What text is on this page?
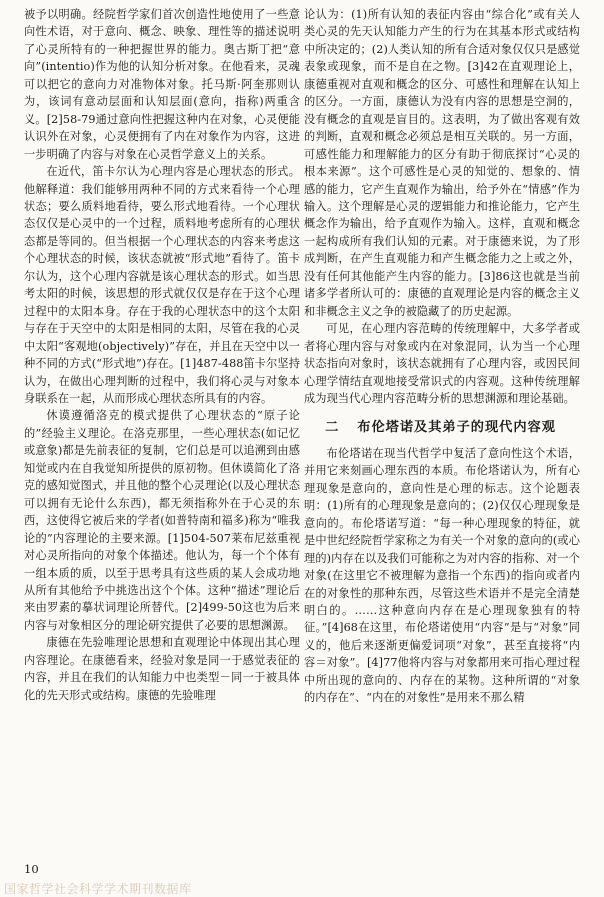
被予以明确。经院哲学家们首次创造性地使用了一些意向性术语，对于意向、概念、映象、理性等的描述说明了心灵所特有的一种把握世界的能力。奥古斯丁把“意向”(intentio)作为他的认知分析对象。在他看来，灵魂可以把它的意向力对准物体对象。托马斯·阿奎那则认为，该词有意动层面和认知层面(意向，指称)两重含义。[2]58-79通过意向性把握这种内在对象，心灵便能认识外在对象，心灵便拥有了内在对象作为内容，这进一步明确了内容与对象在心灵哲学意义上的关系。

在近代，笛卡尔认为心理内容是心理状态的形式。他解释道：我们能够用两种不同的方式来看待一个心理状态；要么质料地看待，要么形式地看待。一个心理状态仅仅是心灵中的一个过程，质料地考虑所有的心理状态都是等同的。但当根据一个心理状态的内容来考虑这个心理状态的时候，该状态就被“形式地”看待了。笛卡尔认为，这个心理内容就是该心理状态的形式。如当思考太阳的时候，该思想的形式就仅仅是存在于这个心理过程中的太阳本身。存在于我的心理状态中的这个太阳与存在于天空中的太阳是相同的太阳，尽管在我的心灵中太阳“客观地(objectively)”存在，并且在天空中以一种不同的方式(“形式地”)存在。[1]487-488笛卡尔坚持认为，在做出心理判断的过程中，我们将心灵与对象本身联系在一起，从而形成心理状态所具有的内容。

休谟遵循洛克的模式提供了心理状态的“原子论的”经验主义理论。在洛克那里，一些心理状态(如记忆或意象)都是先前表征的复制，它们总是可以追溯到由感知觉或内在自我觉知所提供的原初物。但休谟简化了洛克的感知觉图式，并且他的整个心灵理论(以及心理状态可以拥有无论什么东西)，都无须指称外在于心灵的东西，这使得它被后来的学者(如普特南和福多)称为“唯我论的”内容理论的主要来源。[1]504-507莱布尼兹重视对心灵所指向的对象个体描述。他认为，每一个个体有一组本质的质，以至于思考具有这些质的某人会成功地从所有其他给予中挑选出这个个体。这种“描述”理论后来由罗素的摹状词理论所替代。[2]499-50这也为后来内容与对象相区分的理论研究提供了必要的思想渊源。

康德在先验唯理论思想和直观理论中体现出其心理内容理论。在康德看来，经验对象是同一于感觉表征的内容，并且在我们的认知能力中也类型－同一于被具体化的先天形式或结构。康德的先验唯理

论认为：(1)所有认知的表征内容由“综合化”或有关人类心灵的先天认知能力产生的行为在其基本形式或结构中所决定的；(2)人类认知的所有合适对象仅仅只是感觉表象或现象，而不是自在之物。[3]42在直观理论上，康德重视对直观和概念的区分、可感性和理解在认知上的区分。一方面，康德认为没有内容的思想是空洞的，没有概念的直观是盲目的。这表明，为了做出客观有效的判断，直观和概念必须总是相互关联的。另一方面，可感性能力和理解能力的区分有助于彻底探讨“心灵的根本来源”。这个可感性是心灵的知觉的、想象的、情感的能力，它产生直观作为输出，给予外在“情感”作为输入。这个理解是心灵的逻辑能力和推论能力，它产生概念作为输出，给予直观作为输入。这样，直观和概念一起构成所有我们认知的元素。对于康德来说，为了形成判断，在产生直观能力和产生概念能力之上或之外，没有任何其他能产生内容的能力。[3]86这也就是当前诸多学者所认可的：康德的直观理论是内容的概念主义和非概念主义之争的被隐藏了的历史起源。

可见，在心理内容范畴的传统理解中，大多学者或者将心理内容与对象或内在对象混同，认为当一个心理状态指向对象时，该状态就拥有了心理内容，或因民间心理学情结直观地接受常识式的内容观。这种传统理解成为现当代心理内容范畴分析的思想渊源和理论基础。

二 布伦塔诺及其弟子的现代内容观

布伦塔诺在现当代哲学中复活了意向性这个术语，并用它来刻画心理东西的本质。布伦塔诺认为，所有心理现象是意向的，意向性是心理的标志。这个论题表明：(1)所有的心理现象是意向的；(2)仅仅心理现象是意向的。布伦塔诺写道：“每一种心理现象的特征，就是中世纪经院哲学家称之为有关一个对象的意向的(或心理的)内存在以及我们可能称之为对内容的指称、对一个对象(在这里它不被理解为意指一个东西)的指向或者内在的对象性的那种东西，尽管这些术语并不是完全清楚明白的。……这种意向内存在是心理现象独有的特征。”[4]68在这里，布伦塔诺使用“内容”是与“对象”同义的，他后来逐渐更偏爱词项“对象”，甚至直接将“内容＝对象”。[4]77他将内容与对象都用来可指心理过程中所出现的意向的、内存在的某物。这种所谓的“对象的内存在”、“内在的对象性”是用来不那么精

10
国家哲学社会科学学术期刊数据库
